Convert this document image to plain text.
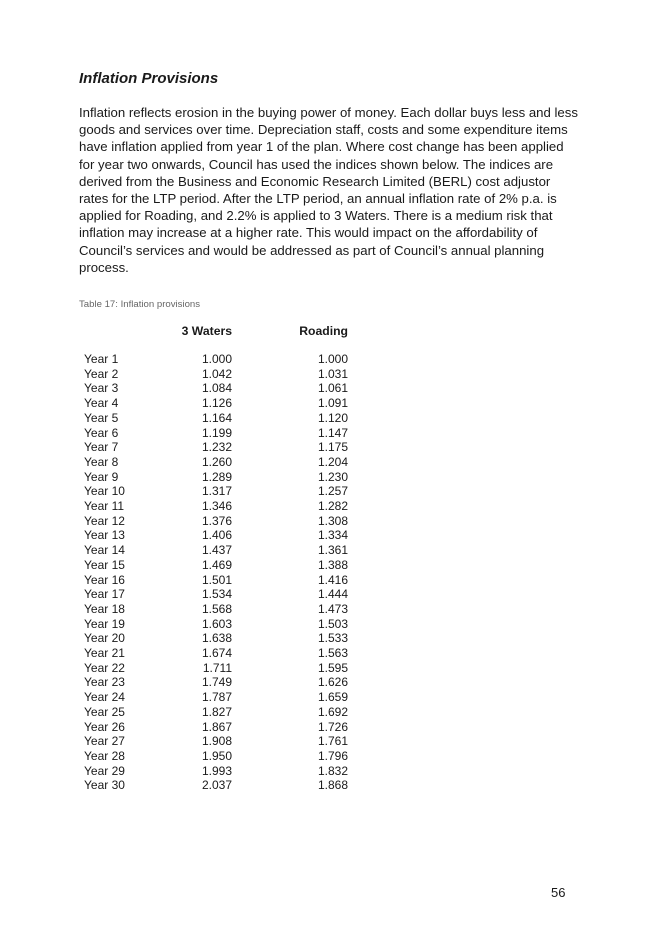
Inflation Provisions

Inflation reflects erosion in the buying power of money. Each dollar buys less and less goods and services over time. Depreciation staff, costs and some expenditure items have inflation applied from year 1 of the plan. Where cost change has been applied for year two onwards, Council has used the indices shown below. The indices are derived from the Business and Economic Research Limited (BERL) cost adjustor rates for the LTP period. After the LTP period, an annual inflation rate of 2% p.a. is applied for Roading, and 2.2% is applied to 3 Waters. There is a medium risk that inflation may increase at a higher rate. This would impact on the affordability of Council’s services and would be addressed as part of Council’s annual planning process.

Table 17: Inflation provisions

	3 Waters	Roading

Year 1	1.000	1.000
Year 2	1.042	1.031
Year 3	1.084	1.061
Year 4	1.126	1.091
Year 5	1.164	1.120
Year 6	1.199	1.147
Year 7	1.232	1.175
Year 8	1.260	1.204
Year 9	1.289	1.230
Year 10	1.317	1.257
Year 11	1.346	1.282
Year 12	1.376	1.308
Year 13	1.406	1.334
Year 14	1.437	1.361
Year 15	1.469	1.388
Year 16	1.501	1.416
Year 17	1.534	1.444
Year 18	1.568	1.473
Year 19	1.603	1.503
Year 20	1.638	1.533
Year 21	1.674	1.563
Year 22	1.711	1.595
Year 23	1.749	1.626
Year 24	1.787	1.659
Year 25	1.827	1.692
Year 26	1.867	1.726
Year 27	1.908	1.761
Year 28	1.950	1.796
Year 29	1.993	1.832
Year 30	2.037	1.868

56
